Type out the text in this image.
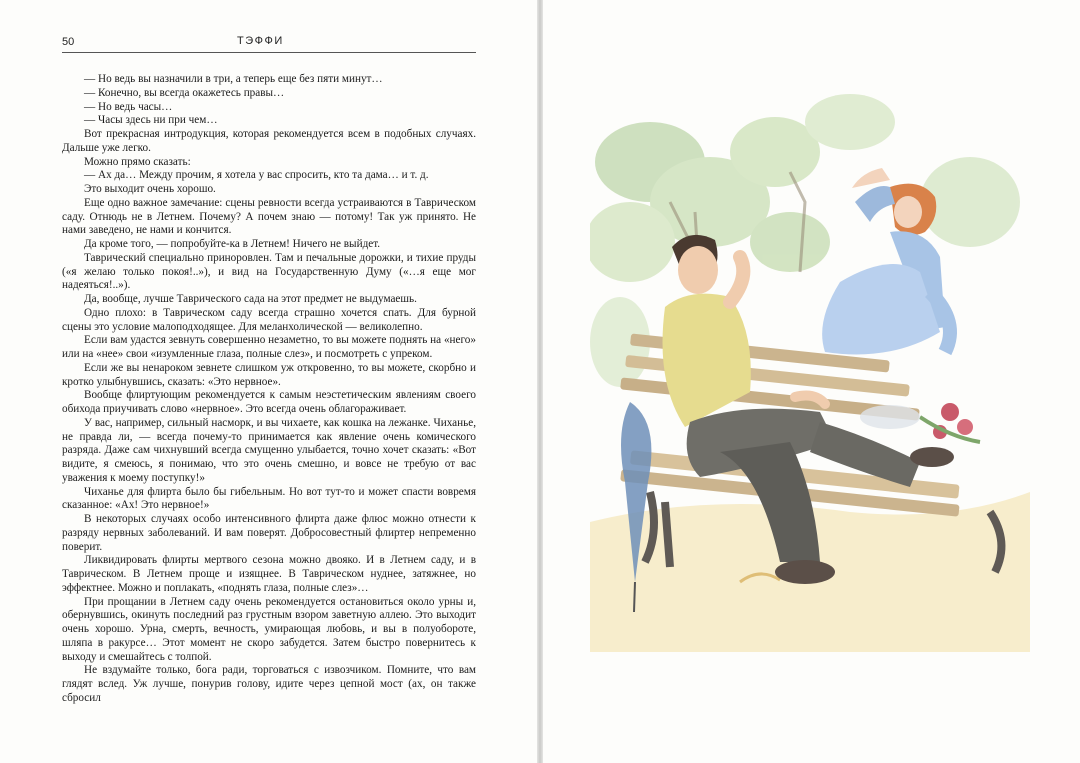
50	ТЭФФИ

— Но ведь вы назначили в три, а теперь еще без пяти минут…

— Конечно, вы всегда окажетесь правы…

— Но ведь часы…

— Часы здесь ни при чем…

Вот прекрасная интродукция, которая рекомендуется всем в подобных случаях. Дальше уже легко.

Можно прямо сказать:

— Ах да… Между прочим, я хотела у вас спросить, кто та дама… и т. д.

Это выходит очень хорошо.

Еще одно важное замечание: сцены ревности всегда устраиваются в Таврическом саду. Отнюдь не в Летнем. Почему? А почем знаю — потому! Так уж принято. Не нами заведено, не нами и кончится.

Да кроме того, — попробуйте-ка в Летнем! Ничего не выйдет.

Таврический специально приноровлен. Там и печальные дорожки, и тихие пруды («я желаю только покоя!..»), и вид на Государственную Думу («…я еще мог надеяться!..»).

Да, вообще, лучше Таврического сада на этот предмет не выдумаешь.

Одно плохо: в Таврическом саду всегда страшно хочется спать. Для бурной сцены это условие малоподходящее. Для меланхолической — великолепно.

Если вам удастся зевнуть совершенно незаметно, то вы можете поднять на «него» или на «нее» свои «изумленные глаза, полные слез», и посмотреть с упреком.

Если же вы ненароком зевнете слишком уж откровенно, то вы можете, скорбно и кротко улыбнувшись, сказать: «Это нервное».

Вообще флиртующим рекомендуется к самым неэстетическим явлениям своего обихода приучивать слово «нервное». Это всегда очень облагораживает.

У вас, например, сильный насморк, и вы чихаете, как кошка на лежанке. Чиханье, не правда ли, — всегда почему-то принимается как явление очень комического разряда. Даже сам чихнувший всегда смущенно улыбается, точно хочет сказать: «Вот видите, я смеюсь, я понимаю, что это очень смешно, и вовсе не требую от вас уважения к моему поступку!»

Чиханье для флирта было бы гибельным. Но вот тут-то и может спасти вовремя сказанное: «Ах! Это нервное!»

В некоторых случаях особо интенсивного флирта даже флюс можно отнести к разряду нервных заболеваний. И вам поверят. Добросовестный флиртер непременно поверит.

Ликвидировать флирты мертвого сезона можно двояко. И в Летнем саду, и в Таврическом. В Летнем проще и изящнее. В Таврическом нуднее, затяжнее, но эффектнее. Можно и поплакать, «поднять глаза, полные слез»…

При прощании в Летнем саду очень рекомендуется остановиться около урны и, обернувшись, окинуть последний раз грустным взором заветную аллею. Это выходит очень хорошо. Урна, смерть, вечность, умирающая любовь, и вы в полуобороте, шляпа в ракурсе… Этот момент не скоро забудется. Затем быстро повернитесь к выходу и смешайтесь с толпой.

Не вздумайте только, бога ради, торговаться с извозчиком. Помните, что вам глядят вслед. Уж лучше, понурив голову, идите через цепной мост (ах, он также сбросил
